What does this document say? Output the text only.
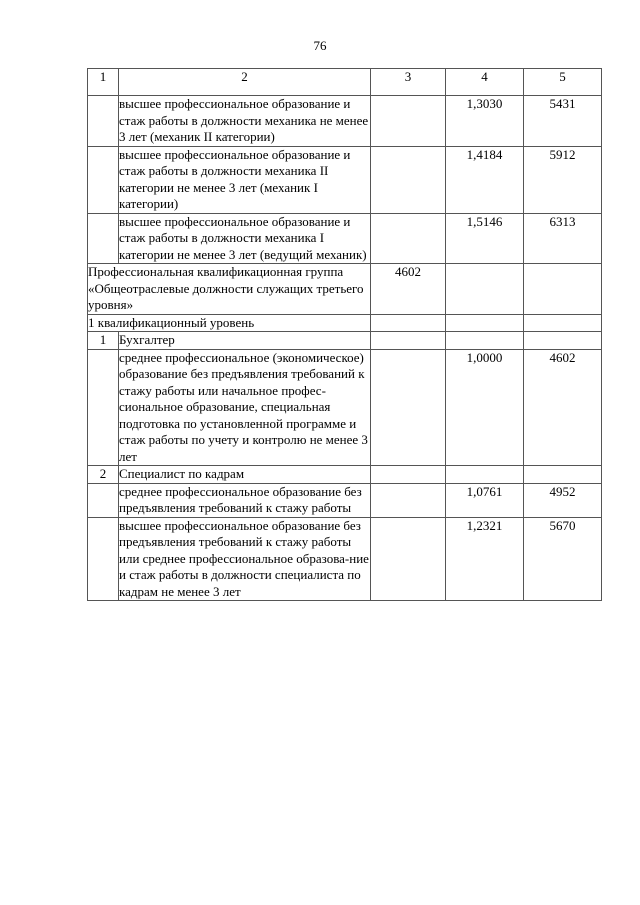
76
1	2	3	4	5
	высшее профессиональное образование и стаж работы в должности механика не менее 3 лет (механик II категории)		1,3030	5431
	высшее профессиональное образование и стаж работы в должности механика II категории не менее 3 лет (механик I категории)		1,4184	5912
	высшее профессиональное образование и стаж работы в должности механика I категории не менее 3 лет (ведущий механик)		1,5146	6313
Профессиональная квалификационная группа «Общеотраслевые должности служащих третьего уровня»		4602		
1 квалификационный уровень				
1	Бухгалтер			
	среднее профессиональное (экономическое) образование без предъявления требований к стажу работы или начальное профес-сиональное образование, специальная подготовка по установленной программе и стаж работы по учету и контролю не менее 3 лет		1,0000	4602
2	Специалист по кадрам			
	среднее профессиональное образование без предъявления требований к стажу работы		1,0761	4952
	высшее профессиональное образование без предъявления требований к стажу работы или среднее профессиональное образова-ние и стаж работы в должности специалиста по кадрам не менее 3 лет		1,2321	5670
